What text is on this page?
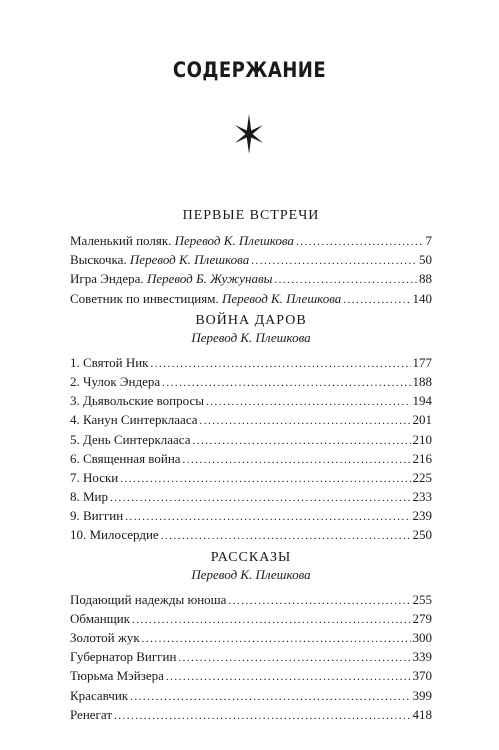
СОДЕРЖАНИЕ
ПЕРВЫЕ ВСТРЕЧИ
Маленький поляк. Перевод К. Плешкова .....	7
Выскочка. Перевод К. Плешкова .....	50
Игра Эндера. Перевод Б. Жужунавы .....	88
Советник по инвестициям. Перевод К. Плешкова .....	140
ВОЙНА ДАРОВ
Перевод К. Плешкова
1. Святой Ник .....	177
2. Чулок Эндера .....	188
3. Дьявольские вопросы .....	194
4. Канун Синтерклааса .....	201
5. День Синтерклааса .....	210
6. Священная война .....	216
7. Носки .....	225
8. Мир .....	233
9. Виггин .....	239
10. Милосердие .....	250
РАССКАЗЫ
Перевод К. Плешкова
Подающий надежды юноша .....	255
Обманщик .....	279
Золотой жук .....	300
Губернатор Виггин .....	339
Тюрьма Мэйзера .....	370
Красавчик .....	399
Ренегат .....	418
